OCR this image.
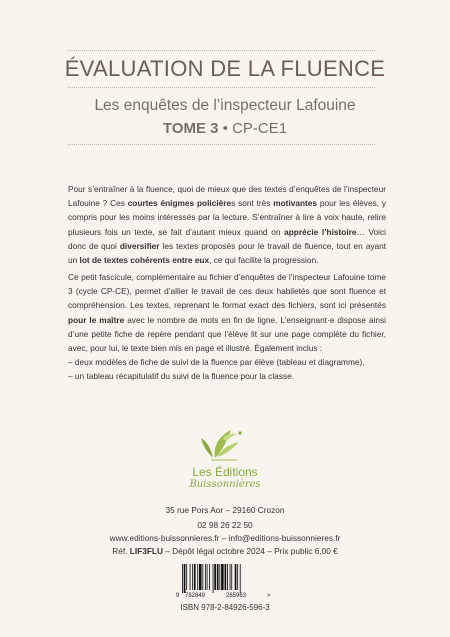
ÉVALUATION DE LA FLUENCE
Les enquêtes de l’inspecteur Lafouine
TOME 3 • CP-CE1

Pour s’entraîner à la fluence, quoi de mieux que des textes d’enquêtes de l’inspecteur Lafouine ? Ces courtes énigmes policières sont très motivantes pour les élèves, y compris pour les moins intéressés par la lecture. S’entraîner à lire à voix haute, relire plusieurs fois un texte, se fait d’autant mieux quand on apprécie l’histoire… Voici donc de quoi diversifier les textes proposés pour le travail de fluence, tout en ayant un lot de textes cohérents entre eux, ce qui facilite la progression.

Ce petit fascicule, complémentaire au fichier d’enquêtes de l’inspecteur Lafouine tome 3 (cycle CP-CE), permet d’allier le travail de ces deux habiletés que sont fluence et compréhension. Les textes, reprenant le format exact des fichiers, sont ici présentés pour le maître avec le nombre de mots en fin de ligne. L’enseignant·e dispose ainsi d’une petite fiche de repère pendant que l’élève lit sur une page complète du fichier, avec, pour lui, le texte bien mis en page et illustré. Également inclus :
– deux modèles de fiche de suivi de la fluence par élève (tableau et diagramme),
– un tableau récapitulatif du suivi de la fluence pour la classe.

Les Éditions
Buissonnières
35 rue Pors Aor – 29160 Crozon
02 98 26 22 50
www.editions-buissonnieres.fr – info@editions-buissonnieres.fr
Réf. LIF3FLU – Dépôt légal octobre 2024 – Prix public 6,00 €
9 782849	265963	>
ISBN 978-2-84926-596-3
